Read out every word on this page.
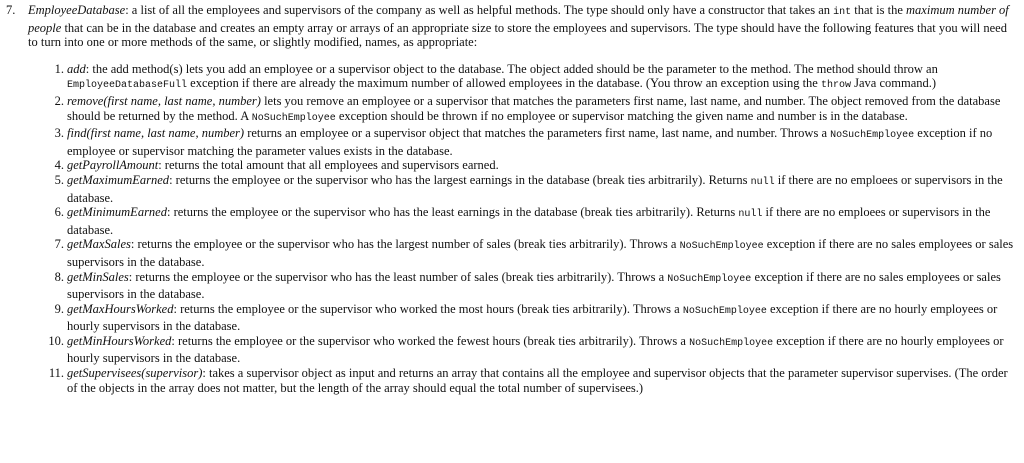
7. EmployeeDatabase: a list of all the employees and supervisors of the company as well as helpful methods. The type should only have a constructor that takes an int that is the maximum number of people that can be in the database and creates an empty array or arrays of an appropriate size to store the employees and supervisors. The type should have the following features that you will need to turn into one or more methods of the same, or slightly modified, names, as appropriate:

1. add: the add method(s) lets you add an employee or a supervisor object to the database. The object added should be the parameter to the method. The method should throw an EmployeeDatabaseFull exception if there are already the maximum number of allowed employees in the database. (You throw an exception using the throw Java command.)
2. remove(first name, last name, number) lets you remove an employee or a supervisor that matches the parameters first name, last name, and number. The object removed from the database should be returned by the method. A NoSuchEmployee exception should be thrown if no employee or supervisor matching the given name and number is in the database.
3. find(first name, last name, number) returns an employee or a supervisor object that matches the parameters first name, last name, and number. Throws a NoSuchEmployee exception if no employee or supervisor matching the parameter values exists in the database.
4. getPayrollAmount: returns the total amount that all employees and supervisors earned.
5. getMaximumEarned: returns the employee or the supervisor who has the largest earnings in the database (break ties arbitrarily). Returns null if there are no emploees or supervisors in the database.
6. getMinimumEarned: returns the employee or the supervisor who has the least earnings in the database (break ties arbitrarily). Returns null if there are no emploees or supervisors in the database.
7. getMaxSales: returns the employee or the supervisor who has the largest number of sales (break ties arbitrarily). Throws a NoSuchEmployee exception if there are no sales employees or sales supervisors in the database.
8. getMinSales: returns the employee or the supervisor who has the least number of sales (break ties arbitrarily). Throws a NoSuchEmployee exception if there are no sales employees or sales supervisors in the database.
9. getMaxHoursWorked: returns the employee or the supervisor who worked the most hours (break ties arbitrarily). Throws a NoSuchEmployee exception if there are no hourly employees or hourly supervisors in the database.
10. getMinHoursWorked: returns the employee or the supervisor who worked the fewest hours (break ties arbitrarily). Throws a NoSuchEmployee exception if there are no hourly employees or hourly supervisors in the database.
11. getSupervisees(supervisor): takes a supervisor object as input and returns an array that contains all the employee and supervisor objects that the parameter supervisor supervises. (The order of the objects in the array does not matter, but the length of the array should equal the total number of supervisees.)
